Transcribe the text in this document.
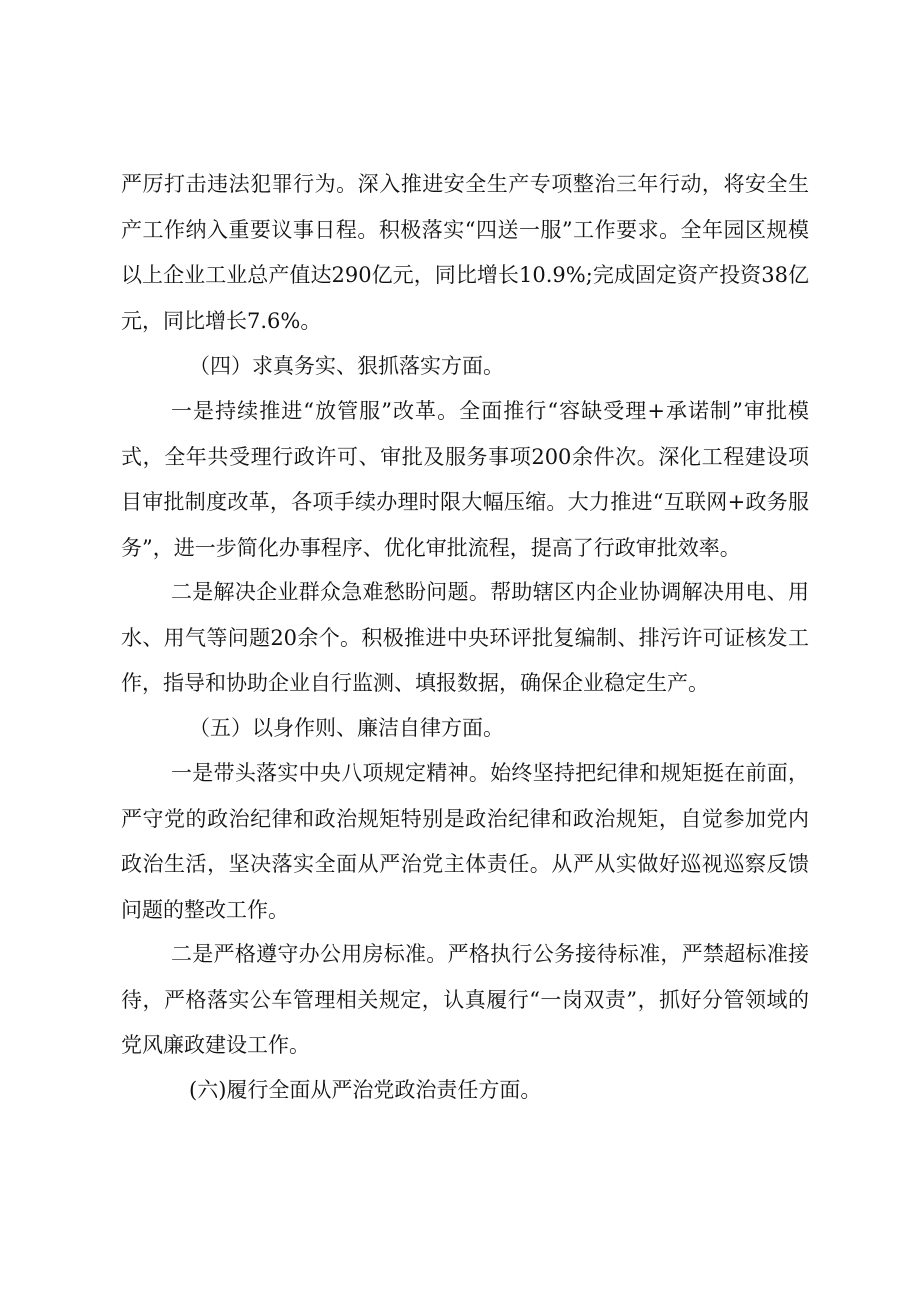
严厉打击违法犯罪行为。深入推进安全生产专项整治三年行动，将安全生产工作纳入重要议事日程。积极落实“四送一服”工作要求。全年园区规模以上企业工业总产值达290亿元，同比增长10.9%;完成固定资产投资38亿元，同比增长7.6%。

（四）求真务实、狠抓落实方面。

一是持续推进“放管服”改革。全面推行“容缺受理+承诺制”审批模式，全年共受理行政许可、审批及服务事项200余件次。深化工程建设项目审批制度改革，各项手续办理时限大幅压缩。大力推进“互联网+政务服务”，进一步简化办事程序、优化审批流程，提高了行政审批效率。

二是解决企业群众急难愁盼问题。帮助辖区内企业协调解决用电、用水、用气等问题20余个。积极推进中央环评批复编制、排污许可证核发工作，指导和协助企业自行监测、填报数据，确保企业稳定生产。

（五）以身作则、廉洁自律方面。

一是带头落实中央八项规定精神。始终坚持把纪律和规矩挺在前面，严守党的政治纪律和政治规矩特别是政治纪律和政治规矩，自觉参加党内政治生活，坚决落实全面从严治党主体责任。从严从实做好巡视巡察反馈问题的整改工作。

二是严格遵守办公用房标准。严格执行公务接待标准，严禁超标准接待，严格落实公车管理相关规定，认真履行“一岗双责”，抓好分管领域的党风廉政建设工作。

(六)履行全面从严治党政治责任方面。
